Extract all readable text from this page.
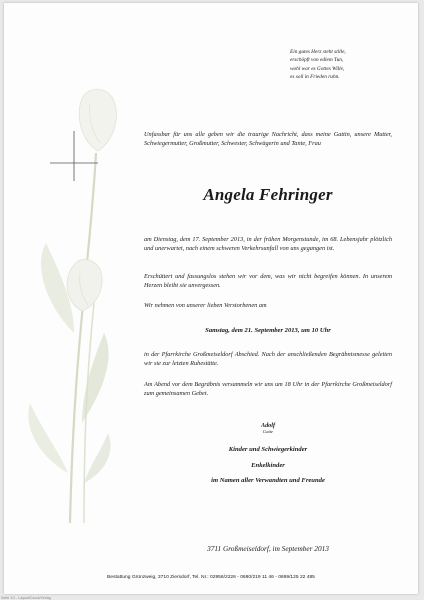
Ein gutes Herz steht stille,
erschöpft von edlem Tun,
wohl war es Gottes Wille,
es soll in Frieden ruhn.
Unfassbar für uns alle geben wir die traurige Nachricht, dass meine Gattin, unsere Mutter, Schwiegermutter, Großmutter, Schwester, Schwägerin und Tante, Frau
Angela Fehringer
am Dienstag, dem 17. September 2013, in der frühen Morgenstunde, im 68. Lebensjahr plötzlich und unerwartet, nach einem schweren Verkehrsunfall von uns gegangen ist.
Erschüttert und fassungslos stehen wir vor dem, was wir nicht begreifen können. In unserem Herzen bleibt sie unvergessen.
Wir nehmen von unserer lieben Verstorbenen am
Samstag, dem 21. September 2013, um 10 Uhr
in der Pfarrkirche Großmeiseldorf Abschied. Nach der anschließenden Begräbnismesse geleiten wir sie zur letzten Ruhestätte.
Am Abend vor dem Begräbnis versammeln wir uns um 18 Uhr in der Pfarrkirche Großmeiseldorf zum gemeinsamen Gebet.
Adolf
Gatte
Kinder und Schwiegerkinder
Enkelkinder
im Namen aller Verwandten und Freunde
3711 Großmeiseldorf, im September 2013
Bestattung Grünzweig, 3710 Ziersdorf, Tel. Nr.: 02956/2226 - 0680/219 11 46 - 0699/125 22 485
Seite 1/1 - Layout/Druck/Verlag
